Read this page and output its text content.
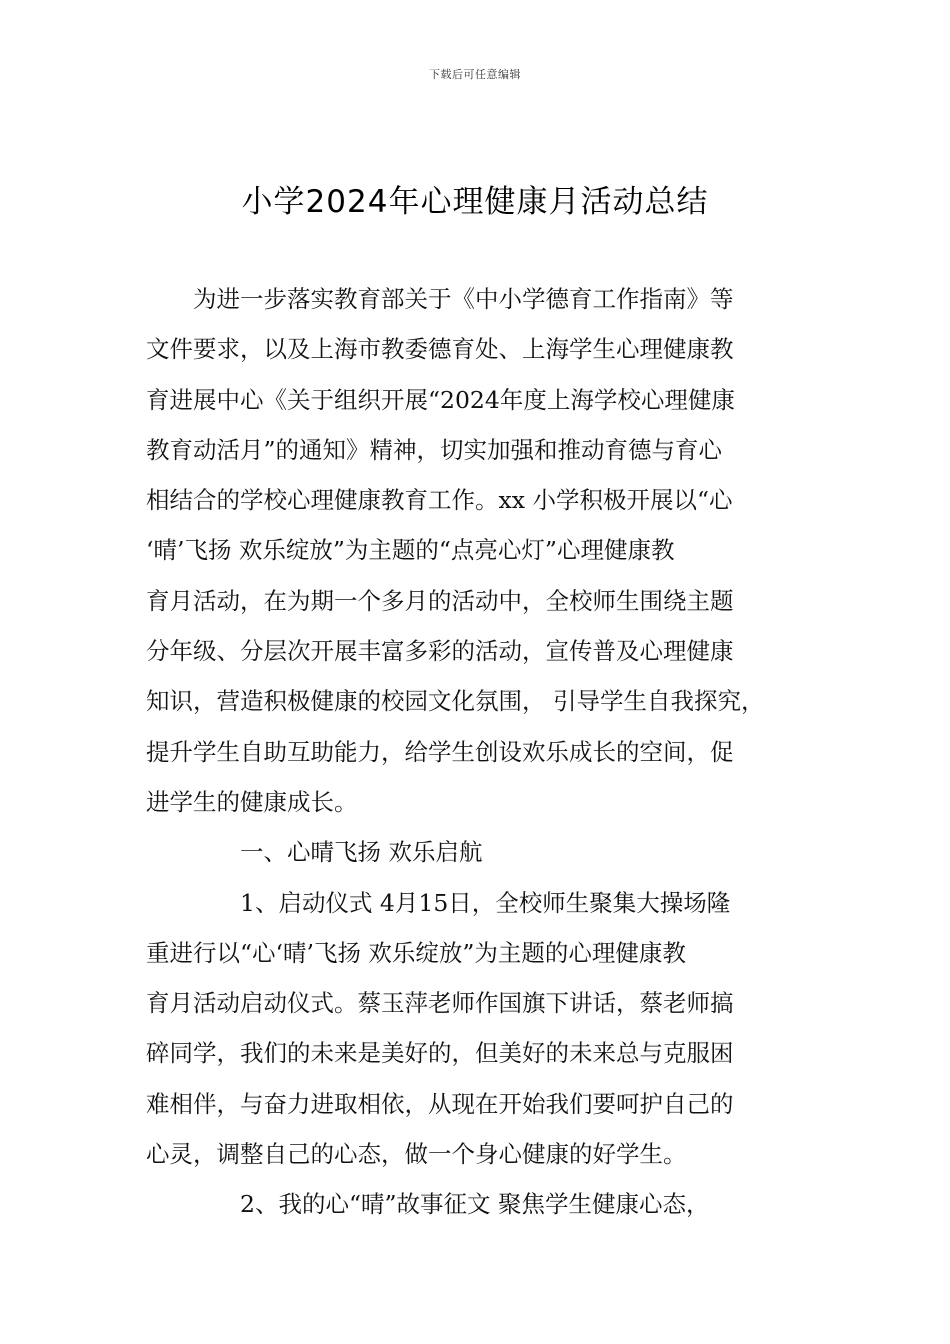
下载后可任意编辑
小学2024年心理健康月活动总结
　　为进一步落实教育部关于《中小学德育工作指南》等
文件要求，以及上海市教委德育处、上海学生心理健康教
育进展中心《关于组织开展“2024年度上海学校心理健康
教育动活月”的通知》精神，切实加强和推动育德与育心
相结合的学校心理健康教育工作。xx 小学积极开展以“心
‘晴’飞扬 欢乐绽放”为主题的“点亮心灯”心理健康教
育月活动，在为期一个多月的活动中，全校师生围绕主题
分年级、分层次开展丰富多彩的活动，宣传普及心理健康
知识，营造积极健康的校园文化氛围， 引导学生自我探究，
提升学生自助互助能力，给学生创设欢乐成长的空间，促
进学生的健康成长。
　　　　一、心晴飞扬 欢乐启航
　　　　1、启动仪式 4月15日，全校师生聚集大操场隆
重进行以“心‘晴’飞扬 欢乐绽放”为主题的心理健康教
育月活动启动仪式。蔡玉萍老师作国旗下讲话，蔡老师搞
碎同学，我们的未来是美好的，但美好的未来总与克服困
难相伴，与奋力进取相依，从现在开始我们要呵护自己的
心灵，调整自己的心态，做一个身心健康的好学生。
　　　　2、我的心“晴”故事征文 聚焦学生健康心态，
